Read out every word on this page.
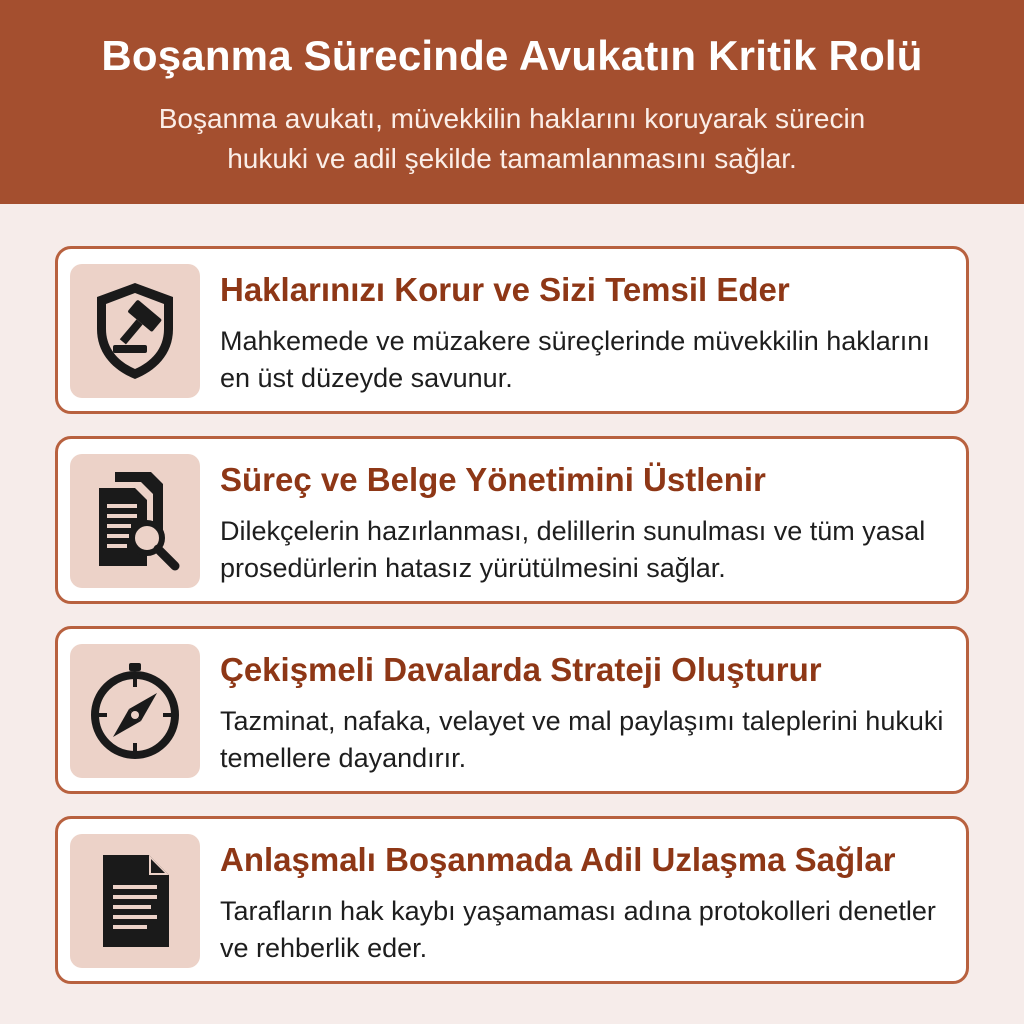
Boşanma Sürecinde Avukatın Kritik Rolü

Boşanma avukatı, müvekkilin haklarını koruyarak sürecin hukuki ve adil şekilde tamamlanmasını sağlar.

Haklarınızı Korur ve Sizi Temsil Eder
Mahkemede ve müzakere süreçlerinde müvekkilin haklarını en üst düzeyde savunur.
Süreç ve Belge Yönetimini Üstlenir
Dilekçelerin hazırlanması, delillerin sunulması ve tüm yasal prosedürlerin hatasız yürütülmesini sağlar.
Çekişmeli Davalarda Strateji Oluşturur
Tazminat, nafaka, velayet ve mal paylaşımı taleplerini hukuki temellere dayandırır.
Anlaşmalı Boşanmada Adil Uzlaşma Sağlar
Tarafların hak kaybı yaşamaması adına protokolleri denetler ve rehberlik eder.
